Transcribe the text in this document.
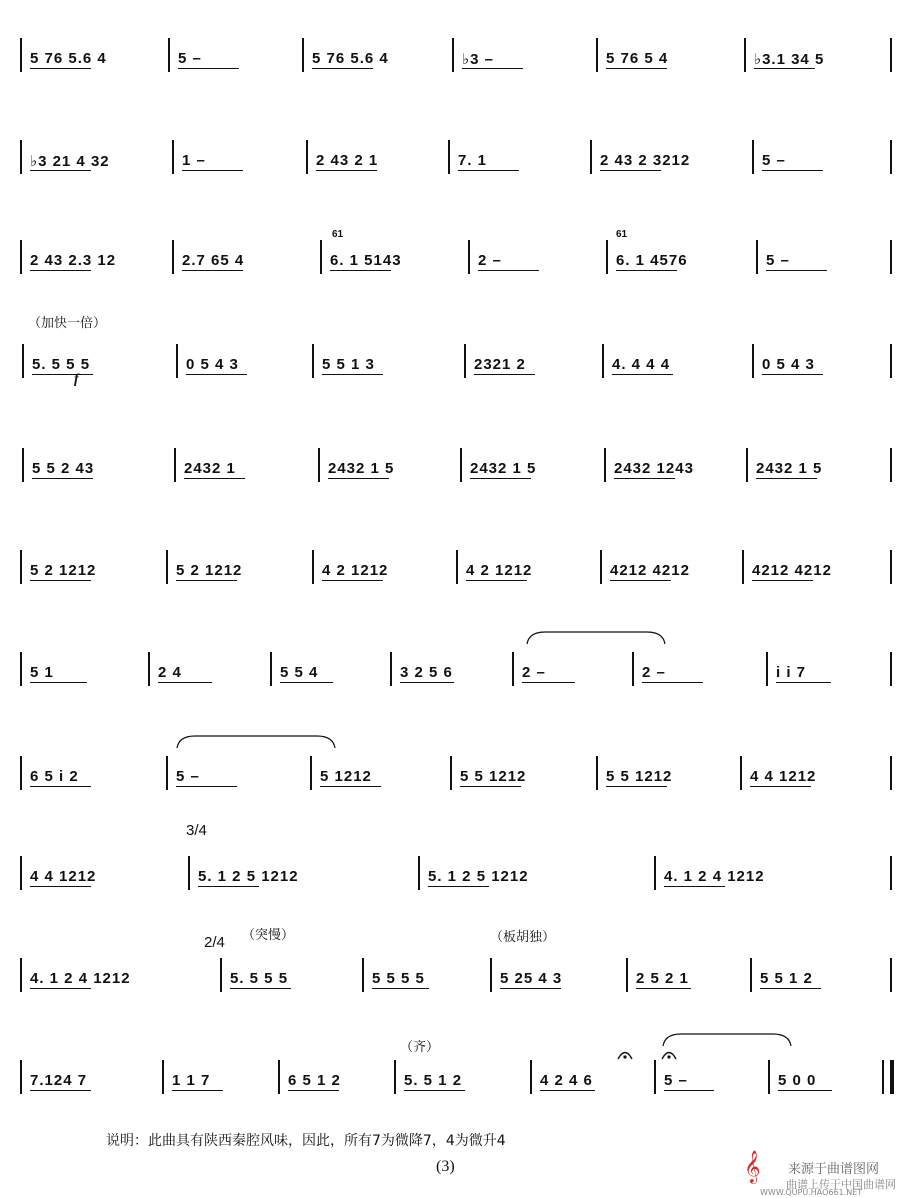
5 76 5.6 4	5 –	5 76 5.6 4	♭3 –	5 76 5 4	♭3.1 34 5
♭3 21 4 32	1 –	2 43 2 1	7. 1	2 43 2 3212	5 –
2 43 2.3 12	2.7 65 4	6. 1 5143	2 –	6. 1 4576	5 –
5. 5 5 5	0 5 4 3	5 5 1 3	2321 2	4. 4 4 4	0 5 4 3
5 5 2 43	2432 1	2432 1 5	2432 1 5	2432 1243	2432 1 5
5 2 1212	5 2 1212	4 2 1212	4 2 1212	4212 4212	4212 4212
5 1	2 4	5 5 4	3 2 5 6	2 –	2 –	i i 7
6 5 i 2	5 –	5 1212	5 5 1212	5 5 1212	4 4 1212
4 4 1212	5. 1 2 5 1212	5. 1 2 5 1212	4. 1 2 4 1212
4. 1 2 4 1212	5. 5 5 5	5 5 5 5	5 25 4 3	2 5 2 1	5 5 1 2
7.124 7	1 1 7	6 5 1 2	5. 5 1 2	4 2 4 6	5 –	5 0 0
（加快一倍）
f
3/4
2/4 （突慢）	（板胡独）
（齐）
61	61
说明：此曲具有陕西秦腔风味，因此，所有7为微降7，4为微升4
(3)	𝄞 来源于曲谱图网
曲谱上传于中国曲谱网
WWW.QUPU.HAO661.NET
